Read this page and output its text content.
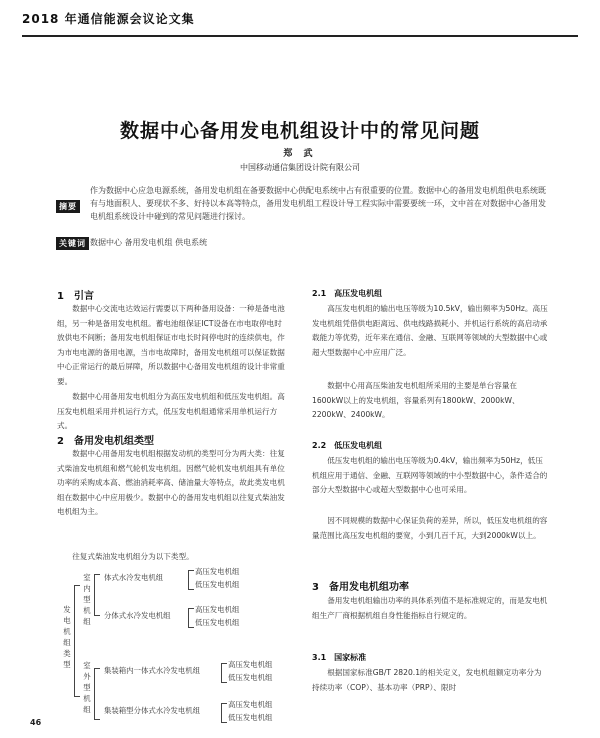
2018 年通信能源会议论文集
数据中心备用发电机组设计中的常见问题
郑 武
中国移动通信集团设计院有限公司
摘要
作为数据中心应急电源系统，备用发电机组在备要数据中心供配电系统中占有很重要的位置。数据中心的备用发电机组供电系统既有与地面积人、要现状不多、好持以本高等特点，备用发电机组工程设计导工程实际中需要要统一环，文中首在对数据中心备用发电机组系统设计中碰到的常见问题进行探讨。
关键词 数据中心 备用发电机组 供电系统
1　引言

数据中心交流电达效运行需要以下两种备用设备：一种是备电池组，另一种是备用发电机组。蓄电池组保证ICT设备在市电取停电时放供电不间断；备用发电机组保证市电长时间停电时的连续供电，作为市电电源的备用电源，当市电故障时，备用发电机组可以保证数据中心正常运行的最后屏障，所以数据中心备用发电机组的设计非常重要。

数据中心用备用发电机组分为高压发电机组和低压发电机组。高压发电机组采用并机运行方式，低压发电机组通常采用单机运行方式。

2　备用发电机组类型

数据中心用备用发电机组根据发动机的类型可分为两大类：往复式柴油发电机组和燃气轮机发电机组。因燃气轮机发电机组具有单位功率的采购成本高、燃油消耗率高、储油量大等特点，故此类发电机组在数据中心中应用极少。数据中心的备用发电机组以往复式柴油发电机组为主。

往复式柴油发电机组分为以下类型。

发电机组类型
室内型机组
室外型机组
体式水冷发电机组
高压发电机组
低压发电机组
分体式水冷发电机组
高压发电机组
低压发电机组
集装箱内一体式水冷发电机组
高压发电机组
低压发电机组
集装箱型分体式水冷发电机组
高压发电机组
低压发电机组
2.1　高压发电机组

高压发电机组的输出电压等级为10.5kV，输出频率为50Hz。高压发电机组凭借供电距离远、供电线路损耗小、并机运行系统的高启动承载能力等优势，近年来在通信、金融、互联网等领域的大型数据中心或超大型数据中心中应用广泛。

数据中心用高压柴油发电机组所采用的主要是单台容量在1600kW以上的发电机组，容量系列有1800kW、2000kW、2200kW、2400kW。

2.2　低压发电机组

低压发电机组的输出电压等级为0.4kV，输出频率为50Hz，低压机组应用于通信、金融、互联网等领域的中小型数据中心，条件适合的部分大型数据中心或超大型数据中心也可采用。

因不同规模的数据中心保证负荷的差异，所以，低压发电机组的容量范围比高压发电机组的要宽，小到几百千瓦，大到2000kW以上。

3　备用发电机组功率

备用发电机组输出功率的具体系列值不是标准规定的，而是发电机组生产厂商根据机组自身性能指标自行规定的。

3.1　国家标准

根据国家标准GB/T 2820.1的相关定义，发电机组额定功率分为持续功率（COP）、基本功率（PRP）、限时

46
